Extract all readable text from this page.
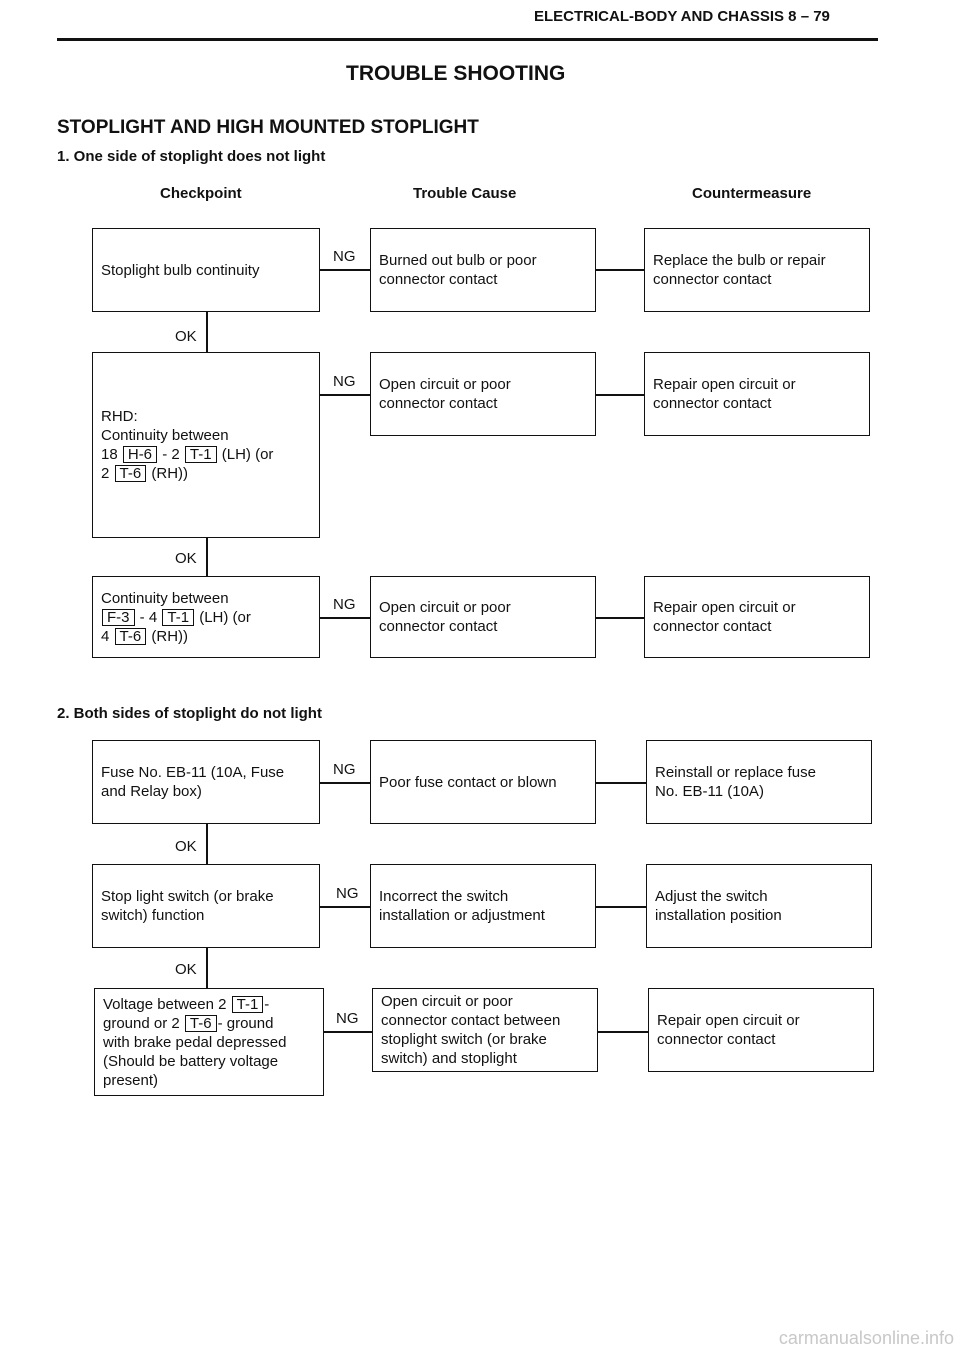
ELECTRICAL-BODY AND CHASSIS 8 – 79
TROUBLE SHOOTING
STOPLIGHT AND HIGH MOUNTED STOPLIGHT
1. One side of stoplight does not light
Checkpoint	Trouble Cause	Countermeasure
Stoplight bulb continuity
NG Burned out bulb or poor
connector contact
Replace the bulb or repair
connector contact
OK
RHD:
Continuity between
18 H-6 - 2 T-1 (LH) (or
2 T-6 (RH))
NG Open circuit or poor
connector contact
Repair open circuit or
connector contact
OK
Continuity between
F-3 - 4 T-1 (LH) (or
4 T-6 (RH))
NG Open circuit or poor
connector contact
Repair open circuit or
connector contact
2. Both sides of stoplight do not light
Fuse No. EB-11 (10A, Fuse
and Relay box)
NG
Poor fuse contact or blown
Reinstall or replace fuse
No. EB-11 (10A)
OK
Stop light switch (or brake
switch) function
NG Incorrect the switch
installation or adjustment
Adjust the switch
installation position
OK
Voltage between 2 T-1 -
ground or 2 T-6 - ground
with brake pedal depressed
(Should be battery voltage
present)
NG
Open circuit or poor
connector contact between
stoplight switch (or brake
switch) and stoplight
Repair open circuit or
connector contact
carmanualsonline.info
